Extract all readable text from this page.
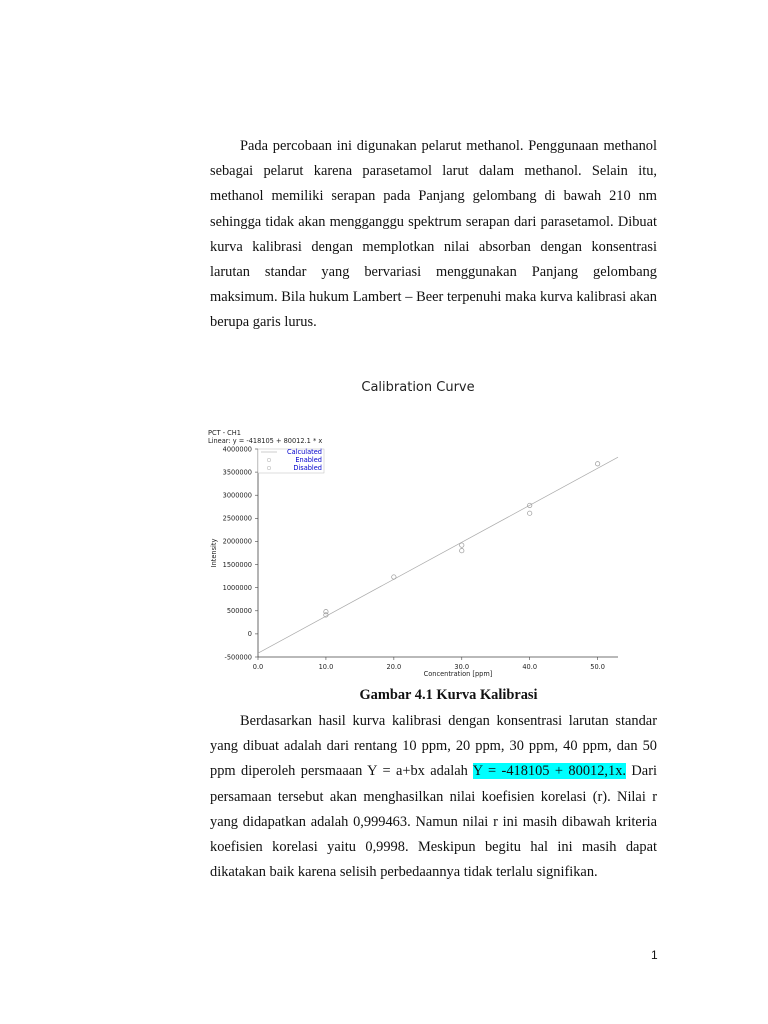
Pada percobaan ini digunakan pelarut methanol. Penggunaan methanol sebagai pelarut karena parasetamol larut dalam methanol. Selain itu, methanol memiliki serapan pada Panjang gelombang di bawah 210 nm sehingga tidak akan mengganggu spektrum serapan dari parasetamol. Dibuat kurva kalibrasi dengan memplotkan nilai absorban dengan konsentrasi larutan standar yang bervariasi menggunakan Panjang gelombang maksimum. Bila hukum Lambert – Beer terpenuhi maka kurva kalibrasi akan berupa garis lurus.

Calibration Curve
4000000
3500000
3000000
2500000
2000000
1500000
1000000
500000
0
-500000
0.0	10.0	20.0	30.0	40.0	50.0
Concentration [ppm]
Intensity
PCT - CH1
Linear: y = -418105 + 80012.1 * x
Calculated
Enabled
Disabled
Gambar 4.1 Kurva Kalibrasi

Berdasarkan hasil kurva kalibrasi dengan konsentrasi larutan standar yang dibuat adalah dari rentang 10 ppm, 20 ppm, 30 ppm, 40 ppm, dan 50 ppm diperoleh persmaaan Y = a+bx adalah Y = -418105 + 80012,1x. Dari persamaan tersebut akan menghasilkan nilai koefisien korelasi (r). Nilai r yang didapatkan adalah 0,999463. Namun nilai r ini masih dibawah kriteria koefisien korelasi yaitu 0,9998. Meskipun begitu hal ini masih dapat dikatakan baik karena selisih perbedaannya tidak terlalu signifikan.

1
